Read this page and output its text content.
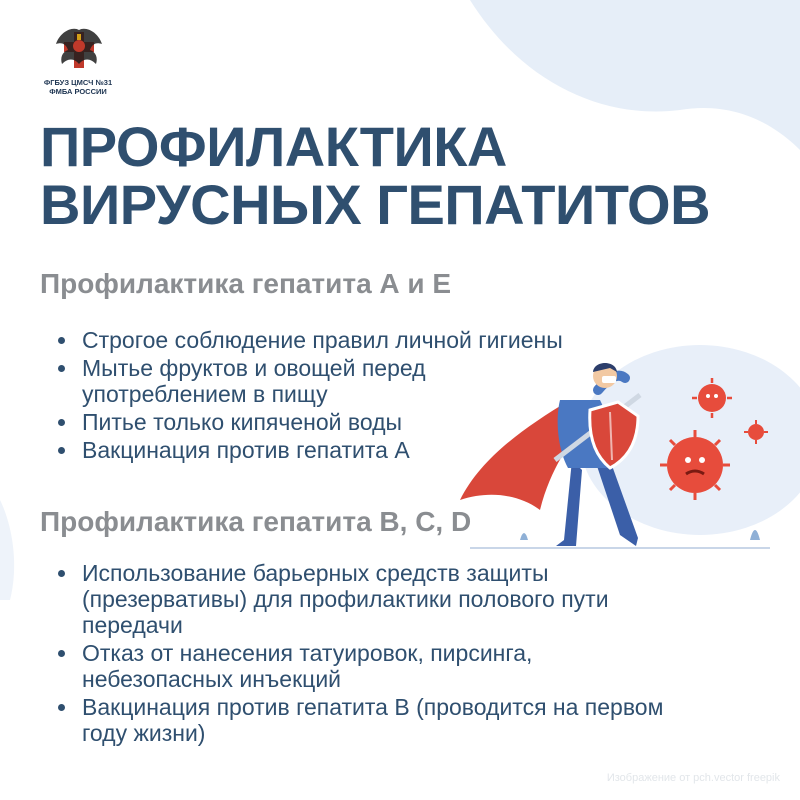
ФГБУЗ ЦМСЧ №31
ФМБА РОССИИ
ПРОФИЛАКТИКА
ВИРУСНЫХ ГЕПАТИТОВ
Профилактика гепатита А и Е
Строгое соблюдение правил личной гигиены
Мытье фруктов и овощей перед употреблением в пищу
Питье только кипяченой воды
Вакцинация против гепатита А
Профилактика гепатита B, C, D
Использование барьерных средств защиты (презервативы) для профилактики полового пути передачи
Отказ от нанесения татуировок, пирсинга, небезопасных инъекций
Вакцинация против гепатита В (проводится на первом году жизни)
Изображение от pch.vector freepik
